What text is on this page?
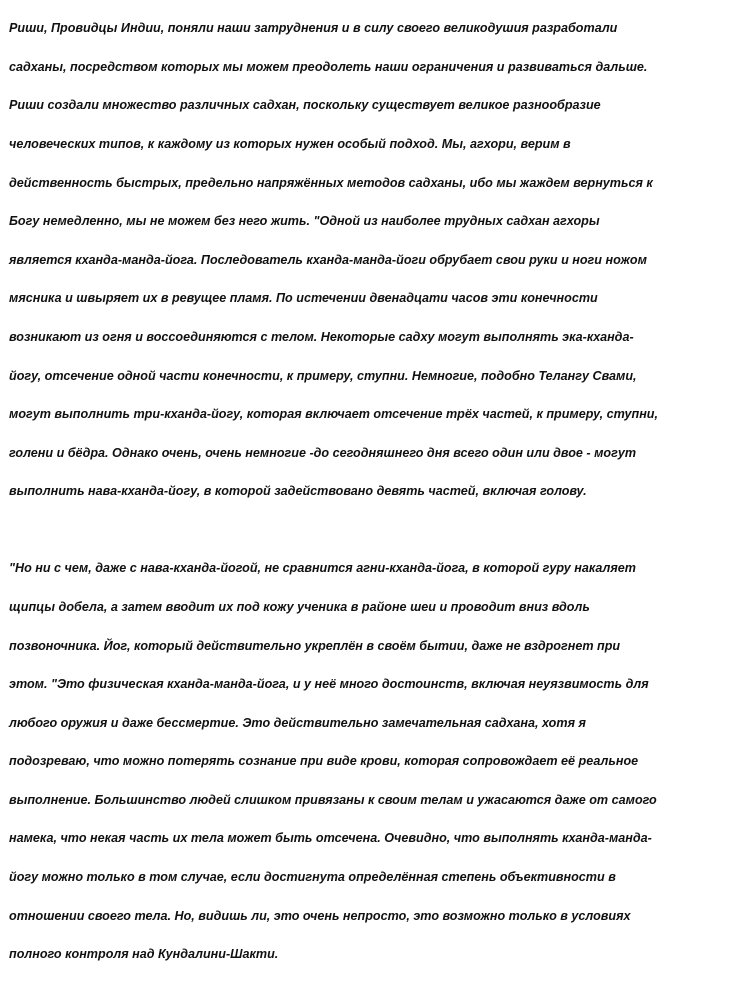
Риши, Провидцы Индии, поняли наши затруднения и в силу своего великодушия разработали

садханы, посредством которых мы можем преодолеть наши ограничения и развиваться дальше.

Риши создали множество различных садхан, поскольку существует великое разнообразие

человеческих типов, к каждому из которых нужен особый подход. Мы, агхори, верим в

действенность быстрых, предельно напряжённых методов садханы, ибо мы жаждем вернуться к

Богу немедленно, мы не можем без него жить. "Одной из наиболее трудных садхан агхоры

является кханда-манда-йога. Последователь кханда-манда-йоги обрубает свои руки и ноги ножом

мясника и швыряет их в ревущее пламя. По истечении двенадцати часов эти конечности

возникают из огня и воссоединяются с телом. Некоторые садху могут выполнять эка-кханда-

йогу, отсечение одной части конечности, к примеру, ступни. Немногие, подобно Телангу Свами,

могут выполнить три-кханда-йогу, которая включает отсечение трёх частей, к примеру, ступни,

голени и бёдра. Однако очень, очень немногие -до сегодняшнего дня всего один или двое - могут

выполнить нава-кханда-йогу, в которой задействовано девять частей, включая голову.

"Но ни с чем, даже с нава-кханда-йогой, не сравнится агни-кханда-йога, в которой гуру накаляет

щипцы добела, а затем вводит их под кожу ученика в районе шеи и проводит вниз вдоль

позвоночника. Йог, который действительно укреплён в своём бытии, даже не вздрогнет при

этом. "Это физическая кханда-манда-йога, и у неё много достоинств, включая неуязвимость для

любого оружия и даже бессмертие. Это действительно замечательная садхана, хотя я

подозреваю, что можно потерять сознание при виде крови, которая сопровождает её реальное

выполнение. Большинство людей слишком привязаны к своим телам и ужасаются даже от самого

намека, что некая часть их тела может быть отсечена. Очевидно, что выполнять кханда-манда-

йогу можно только в том случае, если достигнута определённая степень объективности в

отношении своего тела. Но, видишь ли, это очень непросто, это возможно только в условиях

полного контроля над Кундалини-Шакти.
